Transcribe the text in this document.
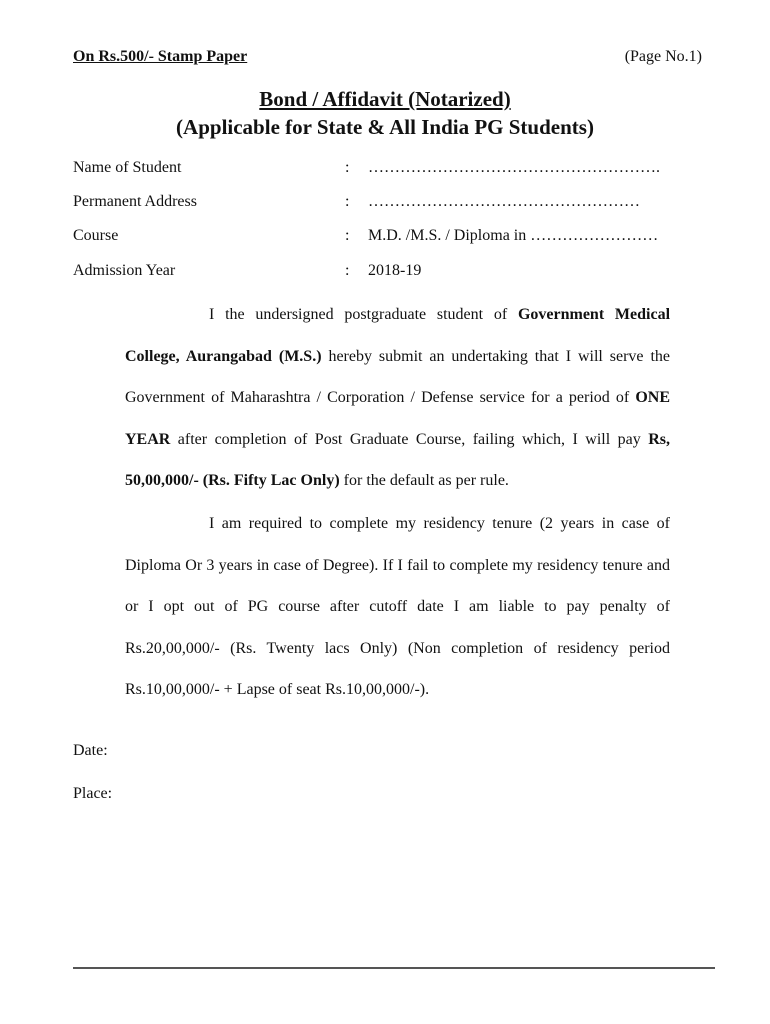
On Rs.500/- Stamp Paper	(Page No.1)
Bond / Affidavit (Notarized)
(Applicable for State & All India PG Students)
Name of Student	: ……………………………………………….
Permanent Address	: ……………………………………………
Course	: M.D. /M.S. / Diploma in ……………………
Admission Year	: 2018-19

I the undersigned postgraduate student of Government Medical College, Aurangabad (M.S.) hereby submit an undertaking that I will serve the Government of Maharashtra / Corporation / Defense service for a period of ONE YEAR after completion of Post Graduate Course, failing which, I will pay Rs, 50,00,000/- (Rs. Fifty Lac Only) for the default as per rule.

I am required to complete my residency tenure (2 years in case of Diploma Or 3 years in case of Degree). If I fail to complete my residency tenure and or I opt out of PG course after cutoff date I am liable to pay penalty of Rs.20,00,000/- (Rs. Twenty lacs Only) (Non completion of residency period Rs.10,00,000/- + Lapse of seat Rs.10,00,000/-).

Date:
Place:
